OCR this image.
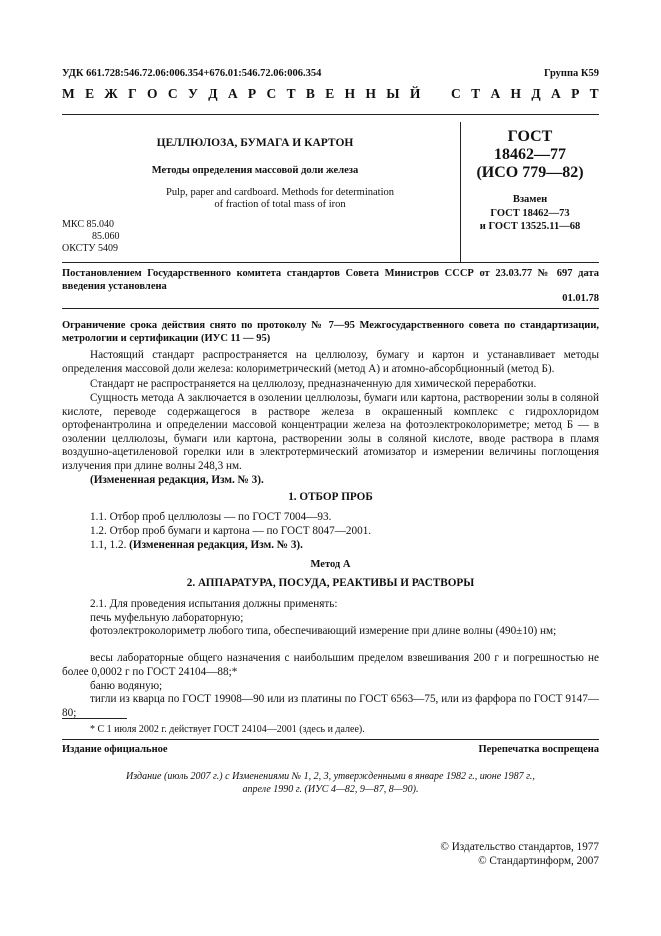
УДК 661.728:546.72.06:006.354+676.01:546.72.06:006.354	Группа К59
М Е Ж Г О С У Д А Р С Т В Е Н Н Ы Й С Т А Н Д А Р Т
ЦЕЛЛЮЛОЗА, БУМАГА И КАРТОН
Методы определения массовой доли железа
Pulp, paper and cardboard. Methods for determination
of fraction of total mass of iron
МКС 85.040
85.060
ОКСТУ 5409
ГОСТ
18462—77
(ИСО 779—82)
Взамен
ГОСТ 18462—73
и ГОСТ 13525.11—68
Постановлением Государственного комитета стандартов Совета Министров СССР от 23.03.77 № 697 дата введения установлена
01.01.78
Ограничение срока действия снято по протоколу № 7—95 Межгосударственного совета по стандартизации, метрологии и сертификации (ИУС 11 — 95)
Настоящий стандарт распространяется на целлюлозу, бумагу и картон и устанавливает методы определения массовой доли железа: колориметрический (метод А) и атомно-абсорбционный (метод Б).
Стандарт не распространяется на целлюлозу, предназначенную для химической переработки.
Сущность метода А заключается в озолении целлюлозы, бумаги или картона, растворении золы в соляной кислоте, переводе содержащегося в растворе железа в окрашенный комплекс с гидрохлоридом ортофенантролина и определении массовой концентрации железа на фотоэлектроколориметре; метод Б — в озолении целлюлозы, бумаги или картона, растворении золы в соляной кислоте, вводе раствора в пламя воздушно-ацетиленовой горелки или в электротермический атомизатор и измерении величины поглощения излучения при длине волны 248,3 нм.
(Измененная редакция, Изм. № 3).
1. ОТБОР ПРОБ
1.1. Отбор проб целлюлозы — по ГОСТ 7004—93.
1.2. Отбор проб бумаги и картона — по ГОСТ 8047—2001.
1.1, 1.2. (Измененная редакция, Изм. № 3).
Метод А
2. АППАРАТУРА, ПОСУДА, РЕАКТИВЫ И РАСТВОРЫ
2.1. Для проведения испытания должны применять:
печь муфельную лабораторную;
фотоэлектроколориметр любого типа, обеспечивающий измерение при длине волны (490±10) нм;
весы лабораторные общего назначения с наибольшим пределом взвешивания 200 г и погрешностью не более 0,0002 г по ГОСТ 24104—88;*
баню водяную;
тигли из кварца по ГОСТ 19908—90 или из платины по ГОСТ 6563—75, или из фарфора по ГОСТ 9147—80;
* С 1 июля 2002 г. действует ГОСТ 24104—2001 (здесь и далее).
Издание официальное	Перепечатка воспрещена
Издание (июль 2007 г.) с Изменениями № 1, 2, 3, утвержденными в январе 1982 г., июне 1987 г.,
апреле 1990 г. (ИУС 4—82, 9—87, 8—90).
© Издательство стандартов, 1977
© Стандартинформ, 2007
